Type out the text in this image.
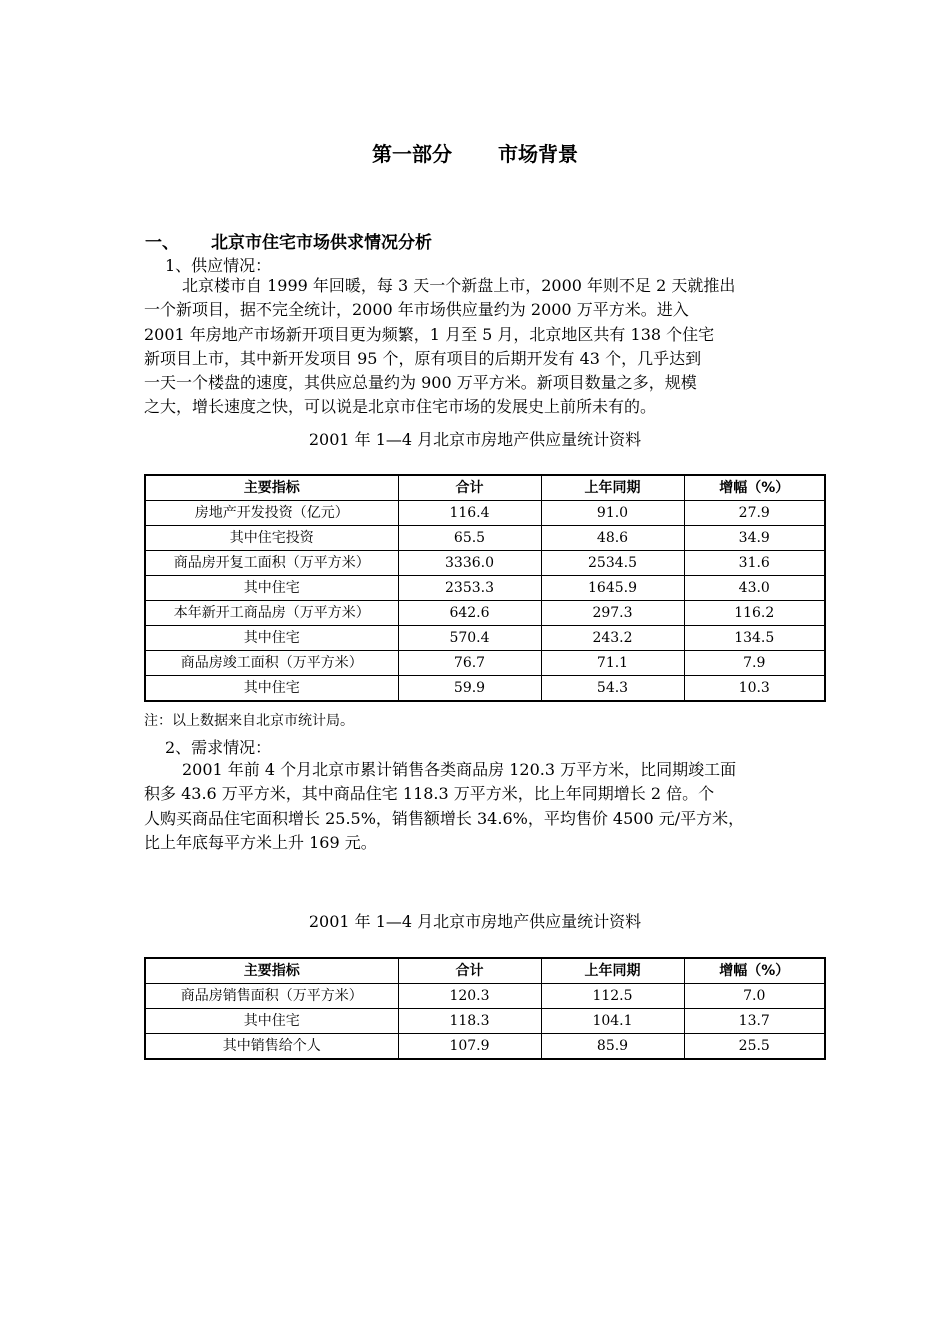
第一部分 市场背景
一、 北京市住宅市场供求情况分析
1、供应情况：
北京楼市自 1999 年回暖，每 3 天一个新盘上市，2000 年则不足 2 天就推出
一个新项目，据不完全统计，2000 年市场供应量约为 2000 万平方米。进入
2001 年房地产市场新开项目更为频繁，1 月至 5 月，北京地区共有 138 个住宅
新项目上市，其中新开发项目 95 个，原有项目的后期开发有 43 个，几乎达到
一天一个楼盘的速度，其供应总量约为 900 万平方米。新项目数量之多，规模
之大，增长速度之快，可以说是北京市住宅市场的发展史上前所未有的。
2001 年 1—4 月北京市房地产供应量统计资料
主要指标	合计	上年同期	增幅（%）
房地产开发投资（亿元）	116.4	91.0	27.9
其中住宅投资	65.5	48.6	34.9
商品房开复工面积（万平方米）	3336.0	2534.5	31.6
其中住宅	2353.3	1645.9	43.0
本年新开工商品房（万平方米）	642.6	297.3	116.2
其中住宅	570.4	243.2	134.5
商品房竣工面积（万平方米）	76.7	71.1	7.9
其中住宅	59.9	54.3	10.3
注：以上数据来自北京市统计局。
2、需求情况：
2001 年前 4 个月北京市累计销售各类商品房 120.3 万平方米，比同期竣工面
积多 43.6 万平方米，其中商品住宅 118.3 万平方米，比上年同期增长 2 倍。个
人购买商品住宅面积增长 25.5%，销售额增长 34.6%，平均售价 4500 元/平方米，
比上年底每平方米上升 169 元。
2001 年 1—4 月北京市房地产供应量统计资料
主要指标	合计	上年同期	增幅（%）
商品房销售面积（万平方米）	120.3	112.5	7.0
其中住宅	118.3	104.1	13.7
其中销售给个人	107.9	85.9	25.5
